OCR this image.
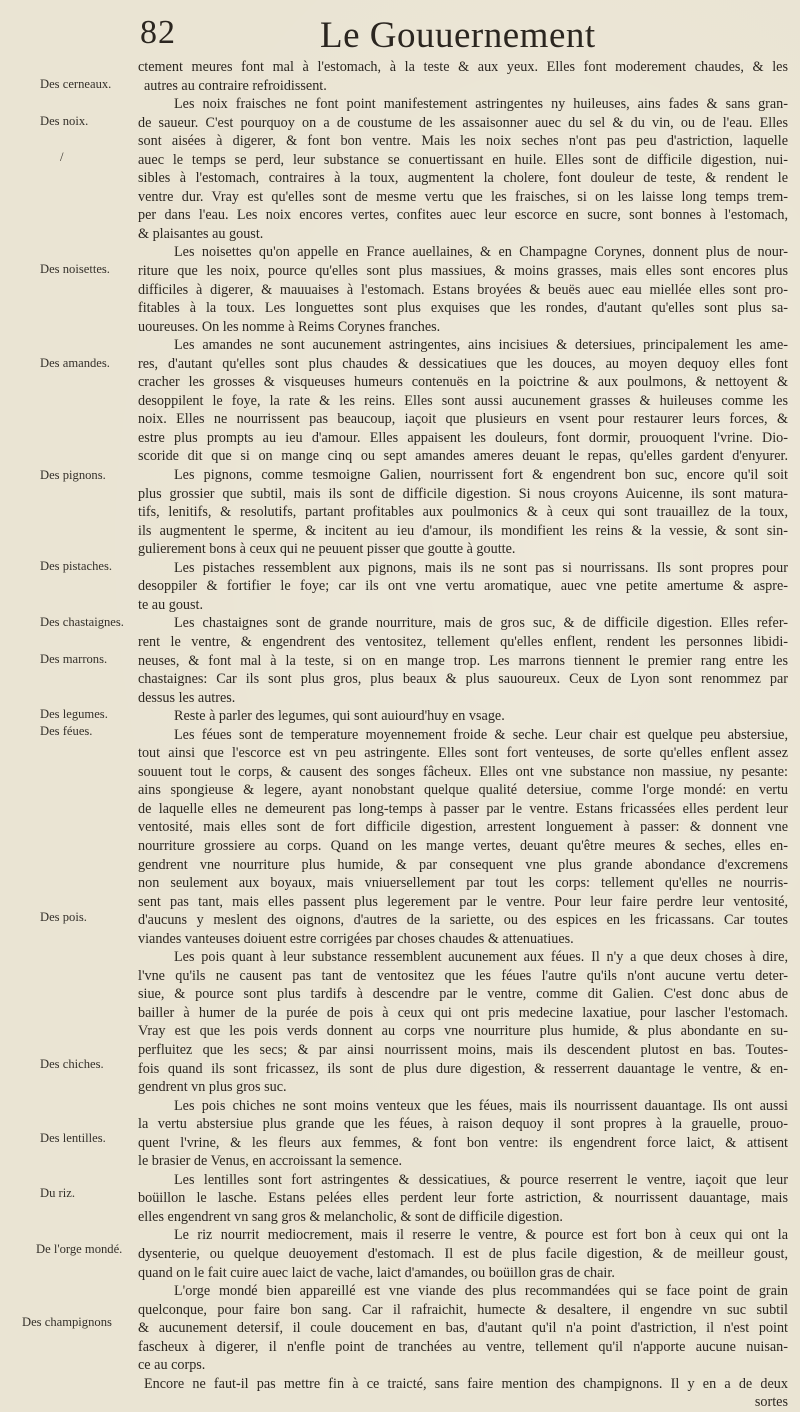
82	Le Gouuernement
Des cerneaux.
Des noix.
/
Des noisettes.
Des amandes.
Des pignons.
Des pistaches.
Des chastaignes.
Des marrons.
Des legumes.
Des féues.
Des pois.
Des chiches.
Des lentilles.
Du riz.
De l'orge mondé.
Des champignons
ctement meures font mal à l'estomach, à la teste & aux yeux. Elles font moderement chaudes, & les
autres au contraire refroidissent.
Les noix fraisches ne font point manifestement astringentes ny huileuses, ains fades & sans gran-
de saueur. C'est pourquoy on a de coustume de les assaisonner auec du sel & du vin, ou de l'eau. Elles
sont aisées à digerer, & font bon ventre. Mais les noix seches n'ont pas peu d'astriction, laquelle
auec le temps se perd, leur substance se conuertissant en huile. Elles sont de difficile digestion, nui-
sibles à l'estomach, contraires à la toux, augmentent la cholere, font douleur de teste, & rendent le
ventre dur. Vray est qu'elles sont de mesme vertu que les fraisches, si on les laisse long temps trem-
per dans l'eau. Les noix encores vertes, confites auec leur escorce en sucre, sont bonnes à l'estomach,
& plaisantes au goust.
Les noisettes qu'on appelle en France auellaines, & en Champagne Corynes, donnent plus de nour-
riture que les noix, pource qu'elles sont plus massiues, & moins grasses, mais elles sont encores plus
difficiles à digerer, & mauuaises à l'estomach. Estans broyées & beuës auec eau miellée elles sont pro-
fitables à la toux. Les longuettes sont plus exquises que les rondes, d'autant qu'elles sont plus sa-
uoureuses. On les nomme à Reims Corynes franches.
Les amandes ne sont aucunement astringentes, ains incisiues & detersiues, principalement les ame-
res, d'autant qu'elles sont plus chaudes & dessicatiues que les douces, au moyen dequoy elles font
cracher les grosses & visqueuses humeurs contenuës en la poictrine & aux poulmons, & nettoyent &
desoppilent le foye, la rate & les reins. Elles sont aussi aucunement grasses & huileuses comme les
noix. Elles ne nourrissent pas beaucoup, iaçoit que plusieurs en vsent pour restaurer leurs forces, &
estre plus prompts au ieu d'amour. Elles appaisent les douleurs, font dormir, prouoquent l'vrine. Dio-
scoride dit que si on mange cinq ou sept amandes ameres deuant le repas, qu'elles gardent d'enyurer.
Les pignons, comme tesmoigne Galien, nourrissent fort & engendrent bon suc, encore qu'il soit
plus grossier que subtil, mais ils sont de difficile digestion. Si nous croyons Auicenne, ils sont matura-
tifs, lenitifs, & resolutifs, partant profitables aux poulmonics & à ceux qui sont trauaillez de la toux,
ils augmentent le sperme, & incitent au ieu d'amour, ils mondifient les reins & la vessie, & sont sin-
gulierement bons à ceux qui ne peuuent pisser que goutte à goutte.
Les pistaches ressemblent aux pignons, mais ils ne sont pas si nourrissans. Ils sont propres pour
desoppiler & fortifier le foye; car ils ont vne vertu aromatique, auec vne petite amertume & aspre-
te au goust.
Les chastaignes sont de grande nourriture, mais de gros suc, & de difficile digestion. Elles refer-
rent le ventre, & engendrent des ventositez, tellement qu'elles enflent, rendent les personnes libidi-
neuses, & font mal à la teste, si on en mange trop. Les marrons tiennent le premier rang entre les
chastaignes: Car ils sont plus gros, plus beaux & plus sauoureux. Ceux de Lyon sont renommez par
dessus les autres.
Reste à parler des legumes, qui sont auiourd'huy en vsage.
Les féues sont de temperature moyennement froide & seche. Leur chair est quelque peu abstersiue,
tout ainsi que l'escorce est vn peu astringente. Elles sont fort venteuses, de sorte qu'elles enflent assez
souuent tout le corps, & causent des songes fâcheux. Elles ont vne substance non massiue, ny pesante:
ains spongieuse & legere, ayant nonobstant quelque qualité detersiue, comme l'orge mondé: en vertu
de laquelle elles ne demeurent pas long-temps à passer par le ventre. Estans fricassées elles perdent leur
ventosité, mais elles sont de fort difficile digestion, arrestent longuement à passer: & donnent vne
nourriture grossiere au corps. Quand on les mange vertes, deuant qu'être meures & seches, elles en-
gendrent vne nourriture plus humide, & par consequent vne plus grande abondance d'excremens
non seulement aux boyaux, mais vniuersellement par tout les corps: tellement qu'elles ne nourris-
sent pas tant, mais elles passent plus legerement par le ventre. Pour leur faire perdre leur ventosité,
d'aucuns y meslent des oignons, d'autres de la sariette, ou des espices en les fricassans. Car toutes
viandes vanteuses doiuent estre corrigées par choses chaudes & attenuatiues.
Les pois quant à leur substance ressemblent aucunement aux féues. Il n'y a que deux choses à dire,
l'vne qu'ils ne causent pas tant de ventositez que les féues l'autre qu'ils n'ont aucune vertu deter-
siue, & pource sont plus tardifs à descendre par le ventre, comme dit Galien. C'est donc abus de
bailler à humer de la purée de pois à ceux qui ont pris medecine laxatiue, pour lascher l'estomach.
Vray est que les pois verds donnent au corps vne nourriture plus humide, & plus abondante en su-
perfluitez que les secs; & par ainsi nourrissent moins, mais ils descendent plutost en bas. Toutes-
fois quand ils sont fricassez, ils sont de plus dure digestion, & resserrent dauantage le ventre, & en-
gendrent vn plus gros suc.
Les pois chiches ne sont moins venteux que les féues, mais ils nourrissent dauantage. Ils ont aussi
la vertu abstersiue plus grande que les féues, à raison dequoy il sont propres à la grauelle, prouo-
quent l'vrine, & les fleurs aux femmes, & font bon ventre: ils engendrent force laict, & attisent
le brasier de Venus, en accroissant la semence.
Les lentilles sont fort astringentes & dessicatiues, & pource reserrent le ventre, iaçoit que leur
boüillon le lasche. Estans pelées elles perdent leur forte astriction, & nourrissent dauantage, mais
elles engendrent vn sang gros & melancholic, & sont de difficile digestion.
Le riz nourrit mediocrement, mais il reserre le ventre, & pource est fort bon à ceux qui ont la
dysenterie, ou quelque deuoyement d'estomach. Il est de plus facile digestion, & de meilleur goust,
quand on le fait cuire auec laict de vache, laict d'amandes, ou boüillon gras de chair.
L'orge mondé bien appareillé est vne viande des plus recommandées qui se face point de grain
quelconque, pour faire bon sang. Car il rafraichit, humecte & desaltere, il engendre vn suc subtil
& aucunement detersif, il coule doucement en bas, d'autant qu'il n'a point d'astriction, il n'est point
fascheux à digerer, il n'enfle point de tranchées au ventre, tellement qu'il n'apporte aucune nuisan-
ce au corps.
Encore ne faut-il pas mettre fin à ce traicté, sans faire mention des champignons. Il y en a de deux
sortes
